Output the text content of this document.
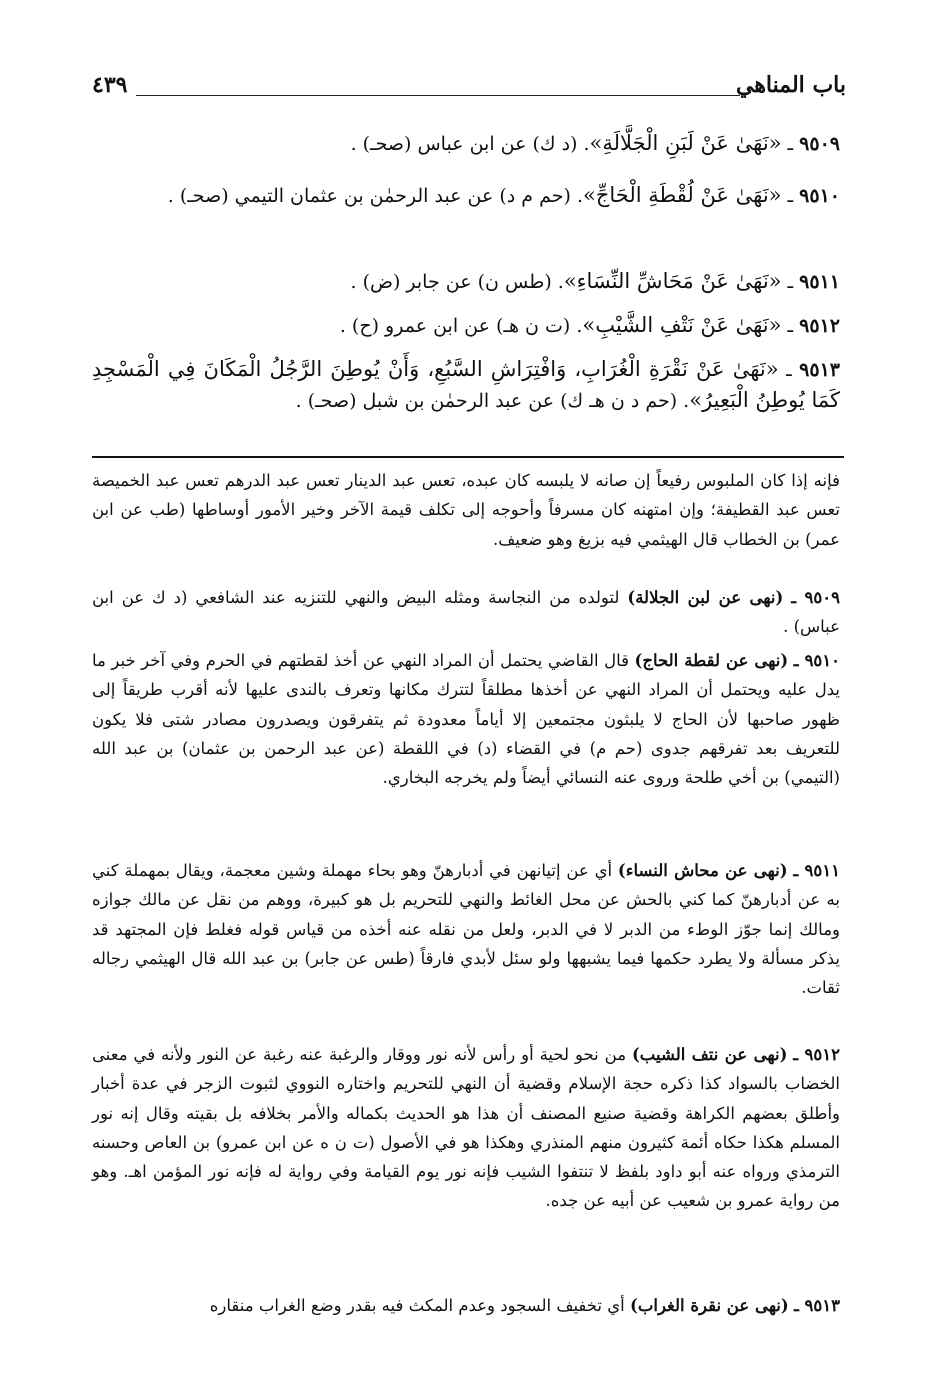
باب المناهي
٤٣٩
٩٥٠٩ ـ «نَهَىٰ عَنْ لَبَنِ الْجَلَّالَةِ». (د ك) عن ابن عباس (صحـ) .
٩٥١٠ ـ «نَهَىٰ عَنْ لُقْطَةِ الْحَاجِّ». (حم م د) عن عبد الرحمٰن بن عثمان التيمي (صحـ) .
٩٥١١ ـ «نَهَىٰ عَنْ مَحَاشِّ النِّسَاءِ». (طس ن) عن جابر (ض) .
٩٥١٢ ـ «نَهَىٰ عَنْ نَتْفِ الشَّيْبِ». (ت ن هـ) عن ابن عمرو (ح) .
٩٥١٣ ـ «نَهَىٰ عَنْ نَقْرَةِ الْغُرَابِ، وَافْتِرَاشِ السَّبُعِ، وَأَنْ يُوطِنَ الرَّجُلُ الْمَكَانَ فِي الْمَسْجِدِ كَمَا يُوطِنُ الْبَعِيرُ». (حم د ن هـ ك) عن عبد الرحمٰن بن شبل (صحـ) .
فإنه إذا كان الملبوس رفيعاً إن صانه لا يلبسه كان عبده، تعس عبد الدينار تعس عبد الدرهم تعس عبد الخميصة تعس عبد القطيفة؛ وإن امتهنه كان مسرفاً وأحوجه إلى تكلف قيمة الآخر وخير الأمور أوساطها (طب عن ابن عمر) بن الخطاب قال الهيثمي فيه بزيغ وهو ضعيف.
٩٥٠٩ ـ (نهى عن لبن الجلالة) لتولده من النجاسة ومثله البيض والنهي للتنزيه عند الشافعي (د ك عن ابن عباس) .
٩٥١٠ ـ (نهى عن لقطة الحاج) قال القاضي يحتمل أن المراد النهي عن أخذ لقطتهم في الحرم وفي آخر خبر ما يدل عليه ويحتمل أن المراد النهي عن أخذها مطلقاً لتترك مكانها وتعرف بالندى عليها لأنه أقرب طريقاً إلى ظهور صاحبها لأن الحاج لا يلبثون مجتمعين إلا أياماً معدودة ثم يتفرقون ويصدرون مصادر شتى فلا يكون للتعريف بعد تفرقهم جدوى (حم م) في القضاء (د) في اللقطة (عن عبد الرحمن بن عثمان) بن عبد الله (التيمي) بن أخي طلحة وروى عنه النسائي أيضاً ولم يخرجه البخاري.
٩٥١١ ـ (نهى عن محاش النساء) أي عن إتيانهن في أدبارهنّ وهو بحاء مهملة وشين معجمة، ويقال بمهملة كني به عن أدبارهنّ كما كني بالحش عن محل الغائط والنهي للتحريم بل هو كبيرة، ووهم من نقل عن مالك جوازه ومالك إنما جوّز الوطء من الدبر لا في الدبر، ولعل من نقله عنه أخذه من قياس قوله فغلط فإن المجتهد قد يذكر مسألة ولا يطرد حكمها فيما يشبهها ولو سئل لأبدي فارقاً (طس عن جابر) بن عبد الله قال الهيثمي رجاله ثقات.
٩٥١٢ ـ (نهى عن نتف الشيب) من نحو لحية أو رأس لأنه نور ووقار والرغبة عنه رغبة عن النور ولأنه في معنى الخضاب بالسواد كذا ذكره حجة الإسلام وقضية أن النهي للتحريم واختاره النووي لثبوت الزجر في عدة أخبار وأطلق بعضهم الكراهة وقضية صنيع المصنف أن هذا هو الحديث بكماله والأمر بخلافه بل بقيته وقال إنه نور المسلم هكذا حكاه أئمة كثيرون منهم المنذري وهكذا هو في الأصول (ت ن ه عن ابن عمرو) بن العاص وحسنه الترمذي ورواه عنه أبو داود بلفظ لا تنتفوا الشيب فإنه نور يوم القيامة وفي رواية له فإنه نور المؤمن اهـ. وهو من رواية عمرو بن شعيب عن أبيه عن جده.
٩٥١٣ ـ (نهى عن نقرة الغراب) أي تخفيف السجود وعدم المكث فيه بقدر وضع الغراب منقاره
